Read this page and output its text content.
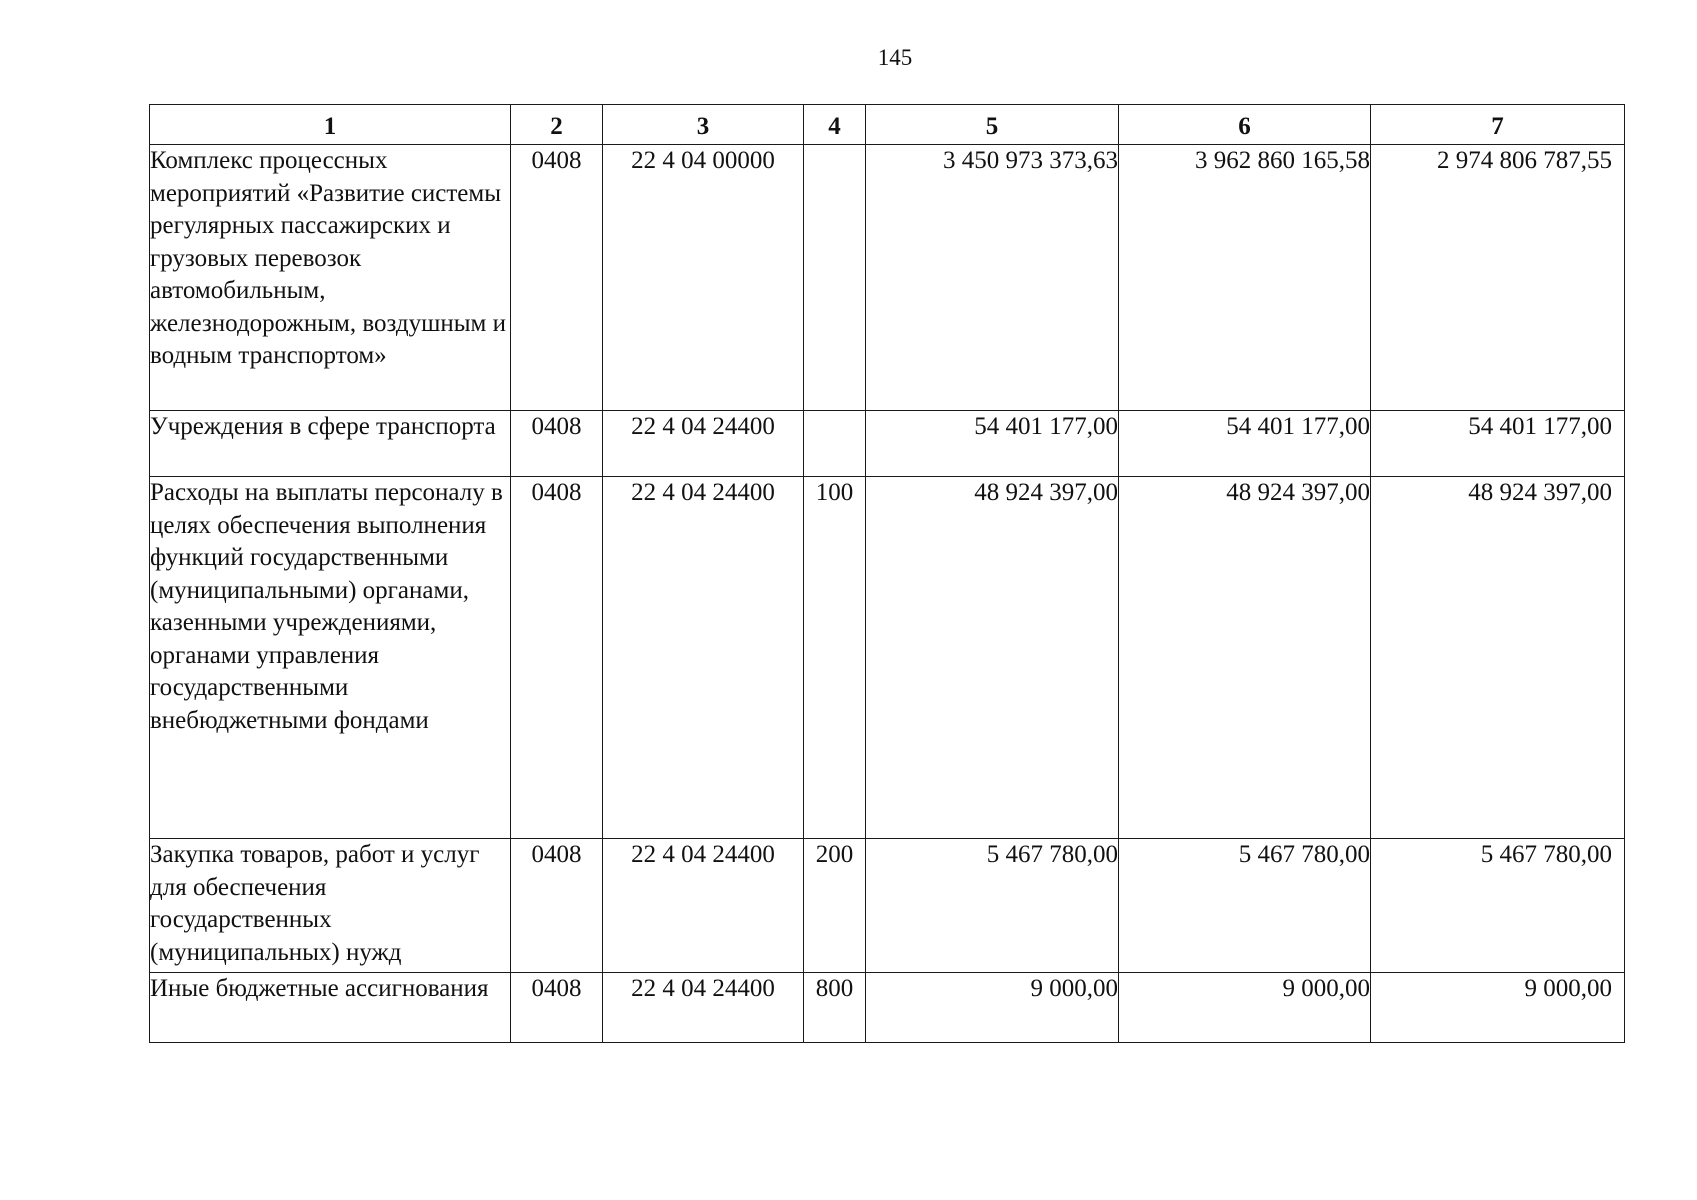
145
1	2	3	4	5	6	7
Комплекс процессных мероприятий «Развитие системы регулярных пассажирских и грузовых перевозок автомобильным, железнодорожным, воздушным и водным транспортом»	0408	22 4 04 00000		3 450 973 373,63	3 962 860 165,58	2 974 806 787,55
Учреждения в сфере транспорта	0408	22 4 04 24400		54 401 177,00	54 401 177,00	54 401 177,00
Расходы на выплаты персоналу в целях обеспечения выполнения функций государственными (муниципальными) органами, казенными учреждениями, органами управления государственными внебюджетными фондами	0408	22 4 04 24400	100	48 924 397,00	48 924 397,00	48 924 397,00
Закупка товаров, работ и услуг для обеспечения государственных (муниципальных) нужд	0408	22 4 04 24400	200	5 467 780,00	5 467 780,00	5 467 780,00
Иные бюджетные ассигнования	0408	22 4 04 24400	800	9 000,00	9 000,00	9 000,00
